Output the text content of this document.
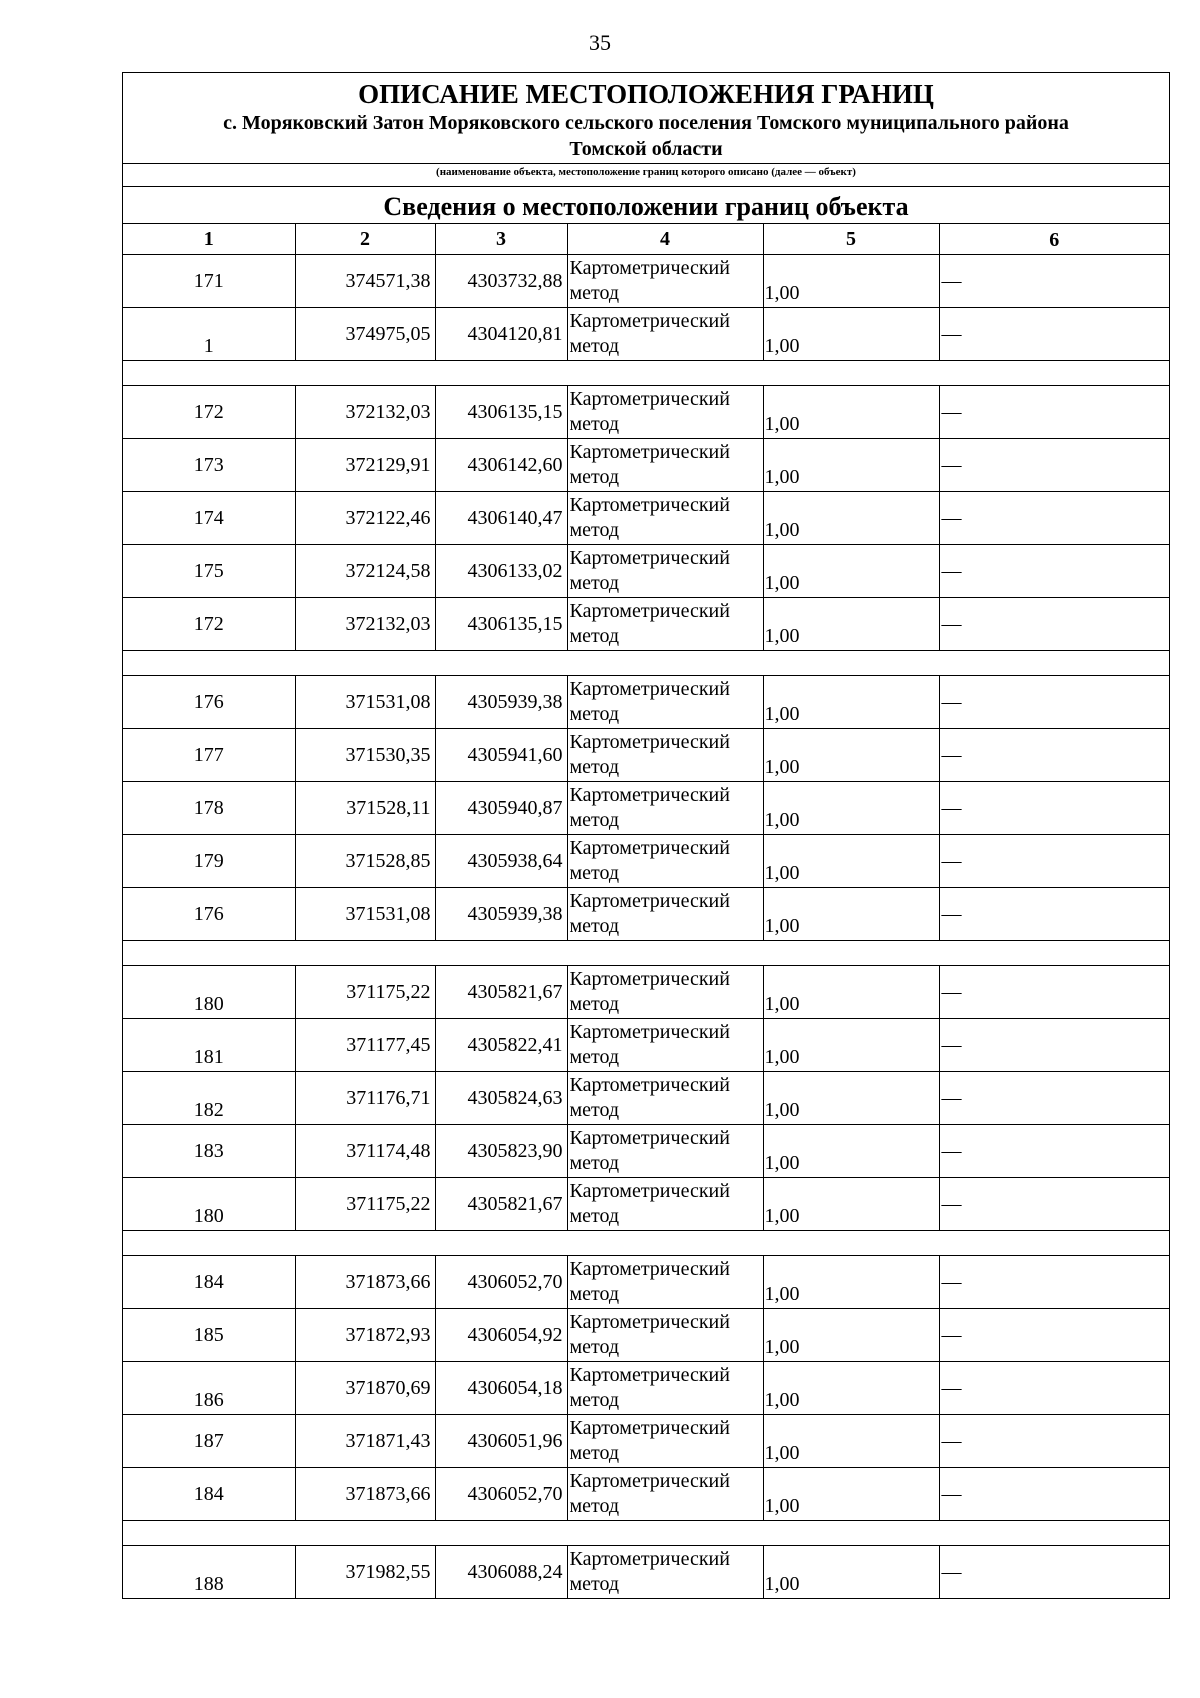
35
ОПИСАНИЕ МЕСТОПОЛОЖЕНИЯ ГРАНИЦ
с. Моряковский Затон Моряковского сельского поселения Томского муниципального района
Томской области
(наименование объекта, местоположение границ которого описано (далее — объект)
Сведения о местоположении границ объекта
1	2	3	4	5	6
171	374571,38	4303732,88	Картометрический
метод	1,00	—
1	374975,05	4304120,81	Картометрический
метод	1,00	—

172	372132,03	4306135,15	Картометрический
метод	1,00	—
173	372129,91	4306142,60	Картометрический
метод	1,00	—
174	372122,46	4306140,47	Картометрический
метод	1,00	—
175	372124,58	4306133,02	Картометрический
метод	1,00	—
172	372132,03	4306135,15	Картометрический
метод	1,00	—

176	371531,08	4305939,38	Картометрический
метод	1,00	—
177	371530,35	4305941,60	Картометрический
метод	1,00	—
178	371528,11	4305940,87	Картометрический
метод	1,00	—
179	371528,85	4305938,64	Картометрический
метод	1,00	—
176	371531,08	4305939,38	Картометрический
метод	1,00	—

180	371175,22	4305821,67	Картометрический
метод	1,00	—
181	371177,45	4305822,41	Картометрический
метод	1,00	—
182	371176,71	4305824,63	Картометрический
метод	1,00	—
183	371174,48	4305823,90	Картометрический
метод	1,00	—
180	371175,22	4305821,67	Картометрический
метод	1,00	—

184	371873,66	4306052,70	Картометрический
метод	1,00	—
185	371872,93	4306054,92	Картометрический
метод	1,00	—
186	371870,69	4306054,18	Картометрический
метод	1,00	—
187	371871,43	4306051,96	Картометрический
метод	1,00	—
184	371873,66	4306052,70	Картометрический
метод	1,00	—

188	371982,55	4306088,24	Картометрический
метод	1,00	—
